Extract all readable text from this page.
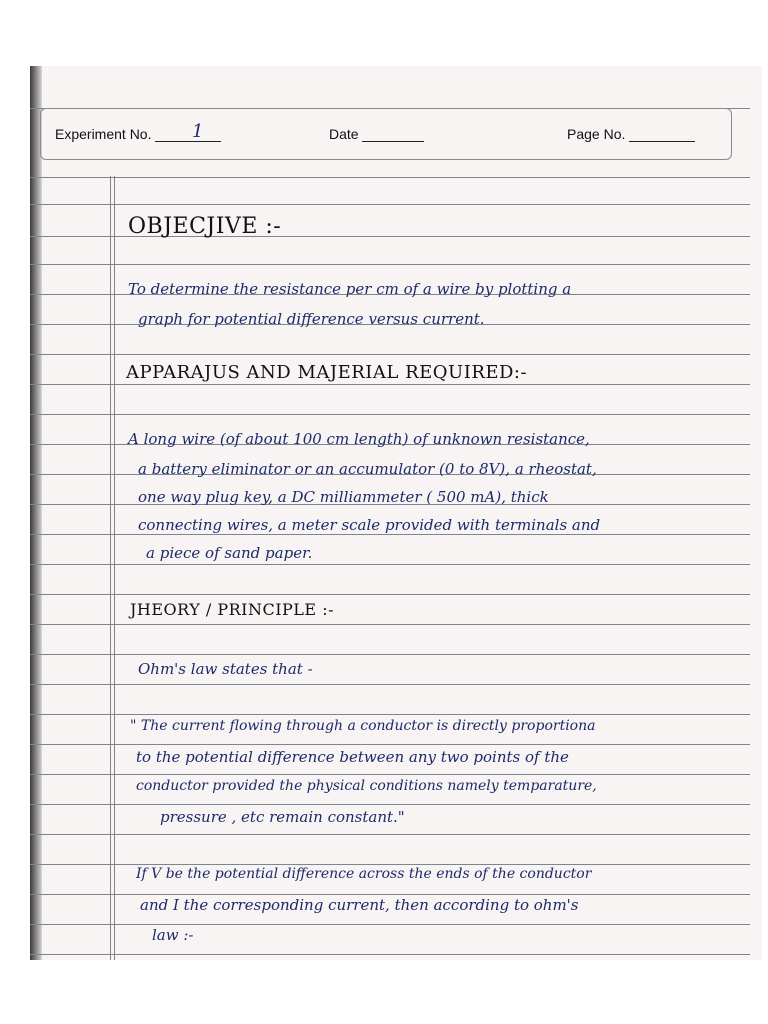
Experiment No. 1	Date	Page No.
OBJECJIVE :-
To determine the resistance per cm of a wire by plotting a
graph for potential difference versus current.
APPARAJUS AND MAJERIAL REQUIRED:-
A long wire (of about 100 cm length) of unknown resistance,
a battery eliminator or an accumulator (0 to 8V), a rheostat,
one way plug key, a DC milliammeter ( 500 mA), thick
connecting wires, a meter scale provided with terminals and
a piece of sand paper.
JHEORY / PRINCIPLE :-
Ohm's law states that -
" The current flowing through a conductor is directly proportiona
to the potential difference between any two points of the
conductor provided the physical conditions namely temparature,
pressure , etc remain constant."
If V be the potential difference across the ends of the conductor
and I the corresponding current, then according to ohm's
law :-
